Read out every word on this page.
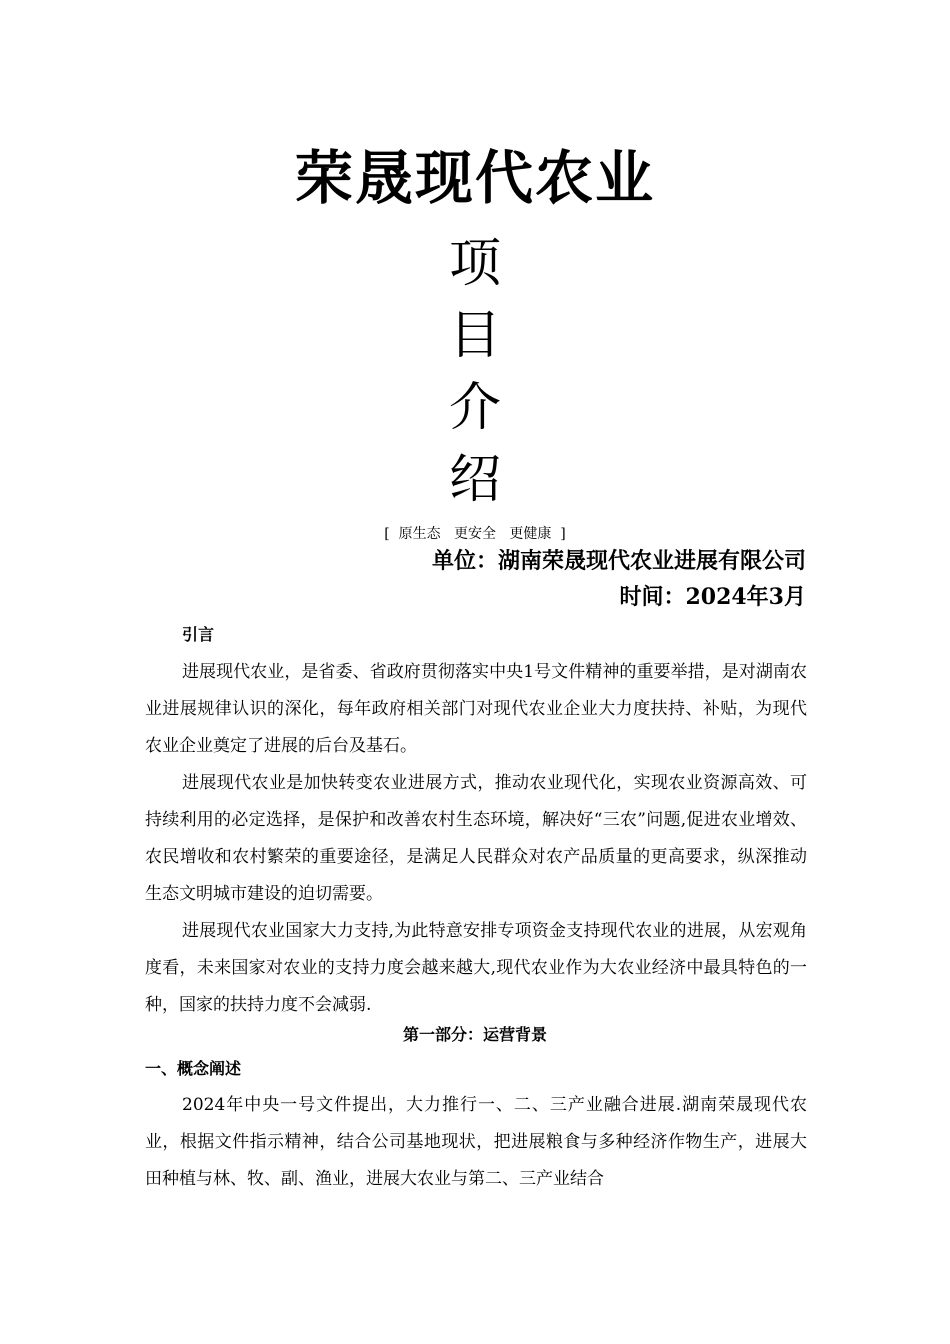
荣晟现代农业
项
目
介
绍
[  原生态   更安全   更健康  ]
单位：湖南荣晟现代农业进展有限公司
时间：2024年3月
引言
进展现代农业，是省委、省政府贯彻落实中央1号文件精神的重要举措，是对湖南农业进展规律认识的深化，每年政府相关部门对现代农业企业大力度扶持、补贴，为现代农业企业奠定了进展的后台及基石。
进展现代农业是加快转变农业进展方式，推动农业现代化，实现农业资源高效、可持续利用的必定选择，是保护和改善农村生态环境，解决好“三农”问题,促进农业增效、农民增收和农村繁荣的重要途径，是满足人民群众对农产品质量的更高要求，纵深推动生态文明城市建设的迫切需要。
进展现代农业国家大力支持,为此特意安排专项资金支持现代农业的进展，从宏观角度看，未来国家对农业的支持力度会越来越大,现代农业作为大农业经济中最具特色的一种，国家的扶持力度不会减弱.
第一部分：运营背景
一、概念阐述
2024年中央一号文件提出，大力推行一、二、三产业融合进展.湖南荣晟现代农业，根据文件指示精神，结合公司基地现状，把进展粮食与多种经济作物生产，进展大田种植与林、牧、副、渔业，进展大农业与第二、三产业结合
